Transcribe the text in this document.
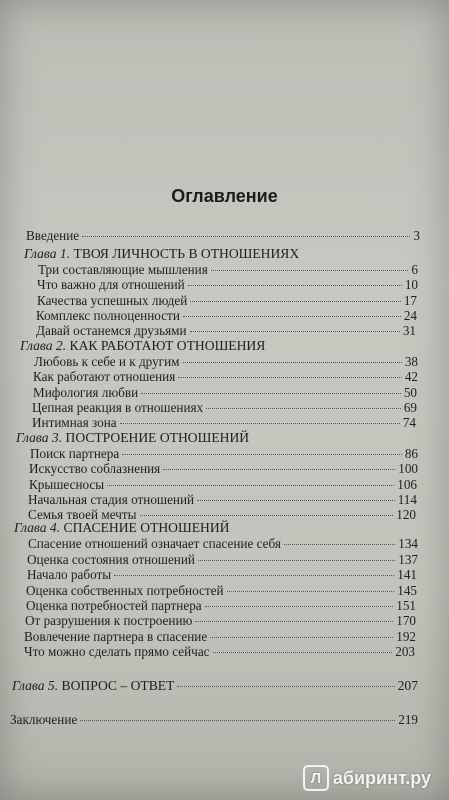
Оглавление
Введение	3
Глава 1. ТВОЯ ЛИЧНОСТЬ В ОТНОШЕНИЯХ
Три составляющие мышления	6
Что важно для отношений	10
Качества успешных людей	17
Комплекс полноценности	24
Давай останемся друзьями	31
Глава 2. КАК РАБОТАЮТ ОТНОШЕНИЯ
Любовь к себе и к другим	38
Как работают отношения	42
Мифология любви	50
Цепная реакция в отношениях	69
Интимная зона	74
Глава 3. ПОСТРОЕНИЕ ОТНОШЕНИЙ
Поиск партнера	86
Искусство соблазнения	100
Крышесносы	106
Начальная стадия отношений	114
Семья твоей мечты	120
Глава 4. СПАСЕНИЕ ОТНОШЕНИЙ
Спасение отношений означает спасение себя	134
Оценка состояния отношений	137
Начало работы	141
Оценка собственных потребностей	145
Оценка потребностей партнера	151
От разрушения к построению	170
Вовлечение партнера в спасение	192
Что можно сделать прямо сейчас	203
Глава 5. ВОПРОС – ОТВЕТ	207
Заключение	219
Л абиринт.ру
